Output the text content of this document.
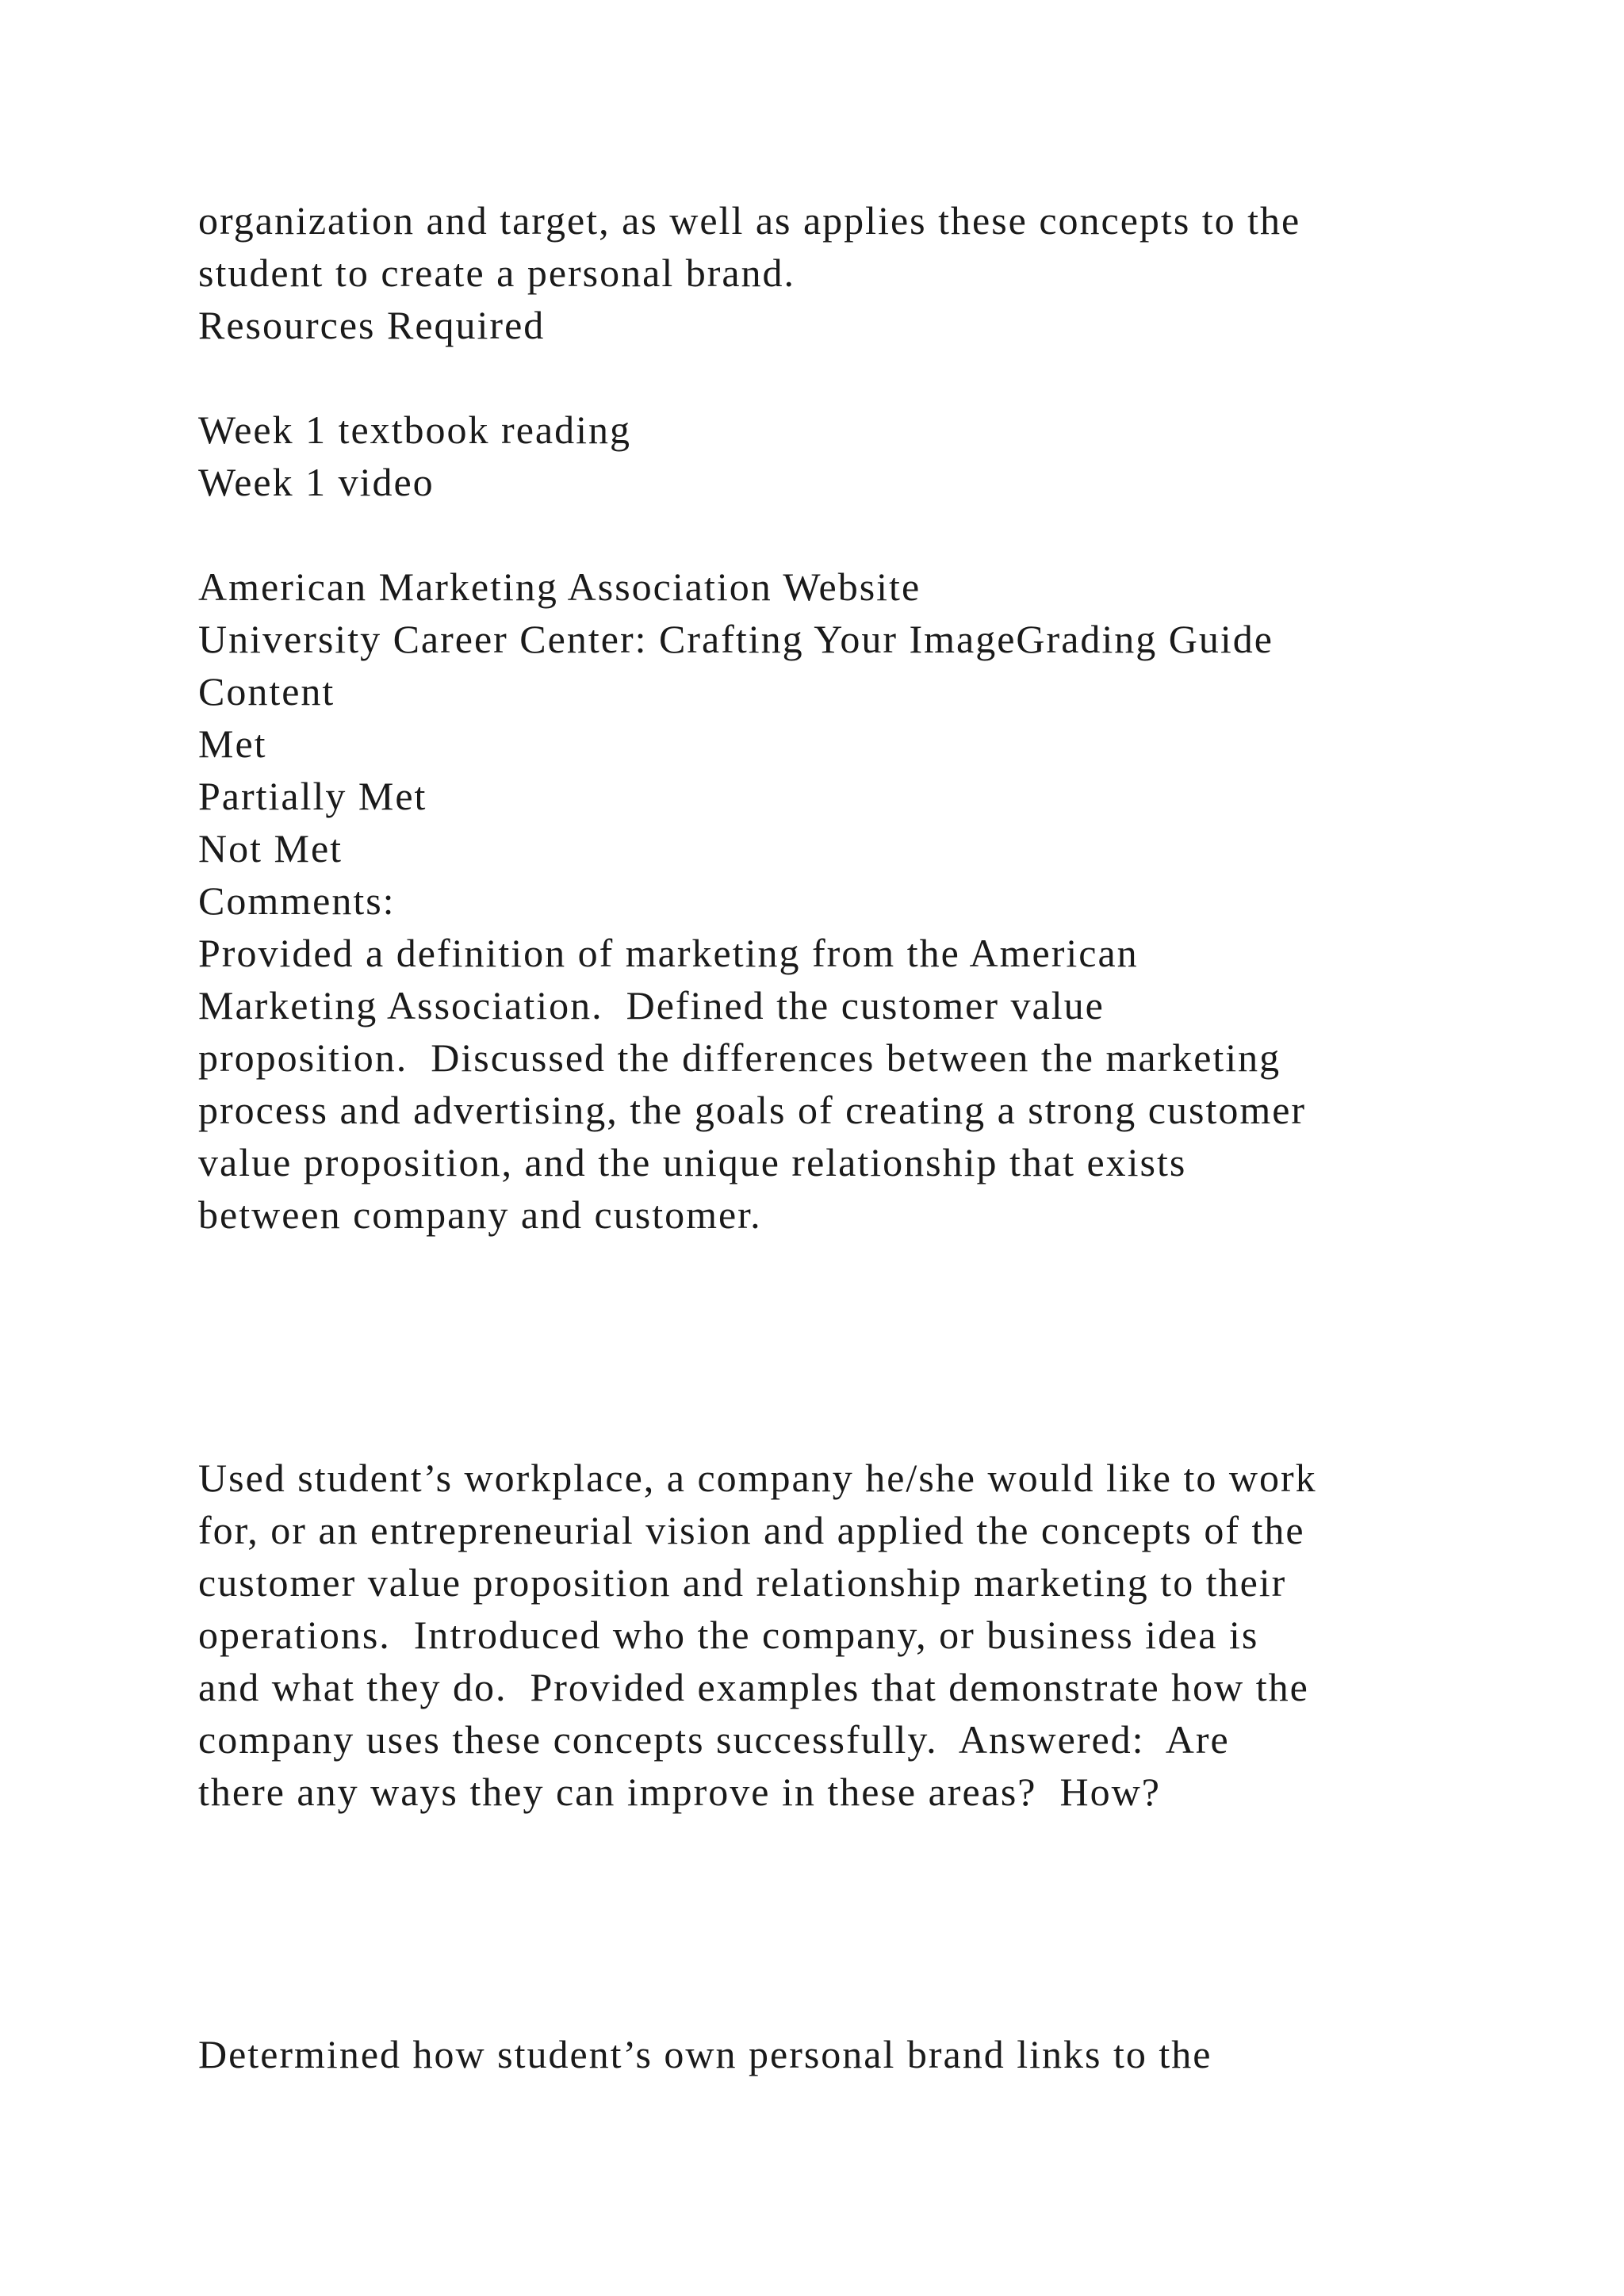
organization and target, as well as applies these concepts to the
student to create a personal brand.
Resources Required
Week 1 textbook reading
Week 1 video
American Marketing Association Website
University Career Center: Crafting Your ImageGrading Guide
Content
Met
Partially Met
Not Met
Comments:
Provided a definition of marketing from the American
Marketing Association.  Defined the customer value
proposition.  Discussed the differences between the marketing
process and advertising, the goals of creating a strong customer
value proposition, and the unique relationship that exists
between company and customer.
Used student’s workplace, a company he/she would like to work
for, or an entrepreneurial vision and applied the concepts of the
customer value proposition and relationship marketing to their
operations.  Introduced who the company, or business idea is
and what they do.  Provided examples that demonstrate how the
company uses these concepts successfully.  Answered:  Are
there any ways they can improve in these areas?  How?
Determined how student’s own personal brand links to the
